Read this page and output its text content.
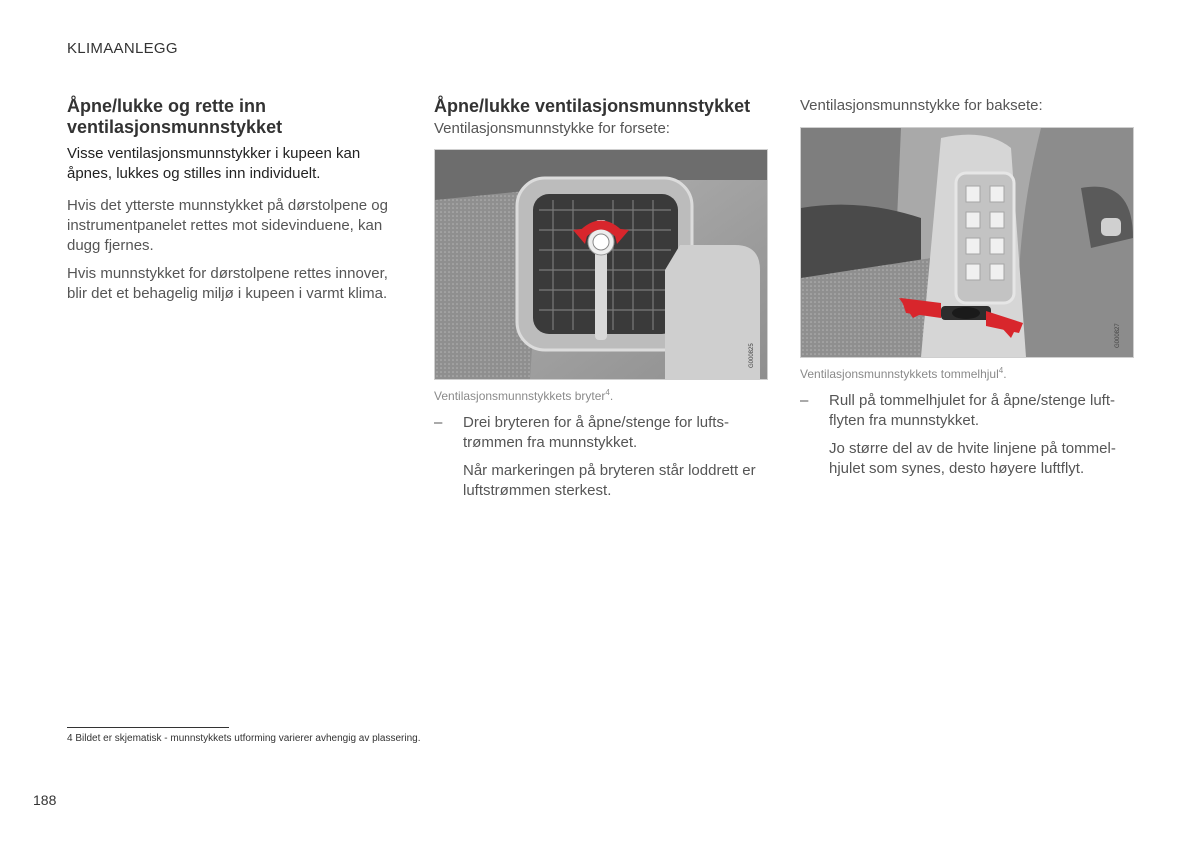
KLIMAANLEGG
Åpne/lukke og rette inn ventilasjonsmunnstykket

Visse ventilasjonsmunnstykker i kupeen kan åpnes, lukkes og stilles inn individuelt.

Hvis det ytterste munnstykket på dørstolpene og instrumentpanelet rettes mot sidevinduene, kan dugg fjernes.

Hvis munnstykket for dørstolpene rettes innover, blir det et behagelig miljø i kupeen i varmt klima.

Åpne/lukke ventilasjonsmunnstykket

Ventilasjonsmunnstykke for forsete:

G000825
Ventilasjonsmunnstykkets bryter$^4$.
– Drei bryteren for å åpne/stenge for luftstrømmen fra munnstykket.

Når markeringen på bryteren står loddrett er luftstrømmen sterkest.

Ventilasjonsmunnstykke for baksete:

G000827
Ventilasjonsmunnstykkets tommelhjul$^4$.
– Rull på tommelhjulet for å åpne/stenge luftflyten fra munnstykket.

Jo større del av de hvite linjene på tommelhjulet som synes, desto høyere luftflyt.

4 Bildet er skjematisk - munnstykkets utforming varierer avhengig av plassering.
188
